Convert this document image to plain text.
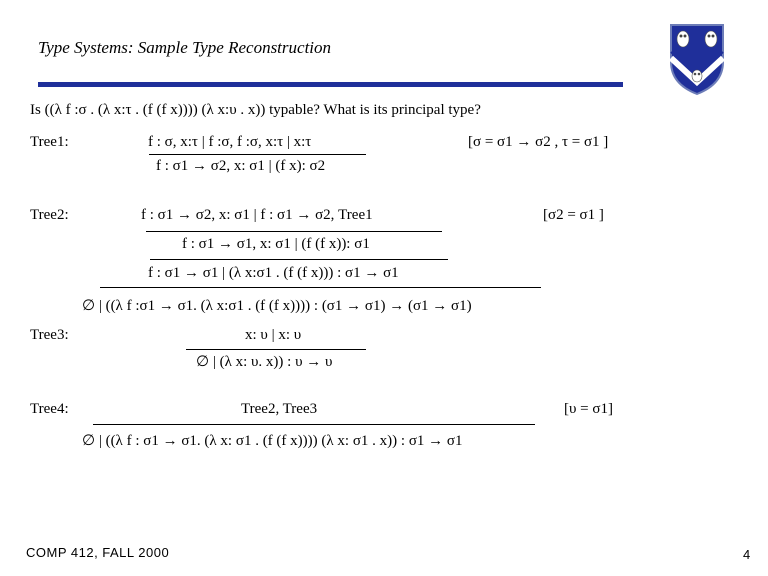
Type Systems: Sample Type Reconstruction
Is ((λ f :σ . (λ x:τ . (f (f x)))) (λ x:υ . x)) typable? What is its principal type?
Tree1:	f : σ, x:τ | f :σ, f :σ, x:τ | x:τ
f : σ1 → σ2, x: σ1 | (f x): σ2
[σ = σ1 → σ2 , τ = σ1 ]
Tree2:	f : σ1 → σ2, x: σ1 | f : σ1 → σ2, Tree1	[σ2 = σ1 ]
f : σ1 → σ1, x: σ1 | (f (f x)): σ1
f : σ1 → σ1 | (λ x:σ1 . (f (f x))) : σ1 → σ1
∅ | ((λ f :σ1 → σ1. (λ x:σ1 . (f (f x)))) : (σ1 → σ1) → (σ1 → σ1)
Tree3:	x: υ | x: υ
∅ | (λ x: υ. x)) : υ → υ
Tree4:	Tree2, Tree3	[υ = σ1]
∅ | ((λ f : σ1 → σ1. (λ x: σ1 . (f (f x)))) (λ x: σ1 . x)) : σ1 → σ1
COMP 412, FALL 2000	4
